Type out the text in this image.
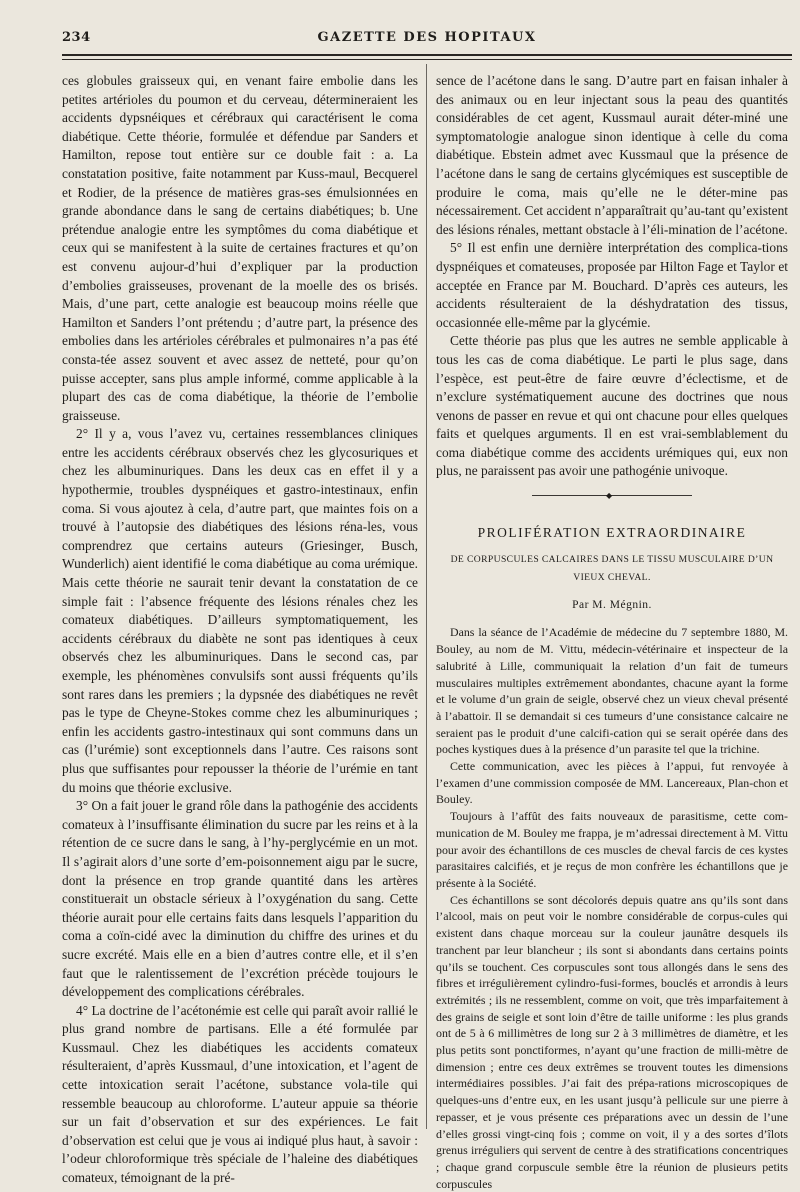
234	GAZETTE DES HOPITAUX

ces globules graisseux qui, en venant faire embolie dans les petites artérioles du poumon et du cerveau, détermineraient les accidents dypsnéiques et cérébraux qui caractérisent le coma diabétique. Cette théorie, formulée et défendue par Sanders et Hamilton, repose tout entière sur ce double fait : a. La constatation positive, faite notamment par Kuss-maul, Becquerel et Rodier, de la présence de matières gras-ses émulsionnées en grande abondance dans le sang de certains diabétiques; b. Une prétendue analogie entre les symptômes du coma diabétique et ceux qui se manifestent à la suite de certaines fractures et qu’on est convenu aujour-d’hui d’expliquer par la production d’embolies graisseuses, provenant de la moelle des os brisés. Mais, d’une part, cette analogie est beaucoup moins réelle que Hamilton et Sanders l’ont prétendu ; d’autre part, la présence des embolies dans les artérioles cérébrales et pulmonaires n’a pas été consta-tée assez souvent et avec assez de netteté, pour qu’on puisse accepter, sans plus ample informé, comme applicable à la plupart des cas de coma diabétique, la théorie de l’embolie graisseuse.

2° Il y a, vous l’avez vu, certaines ressemblances cliniques entre les accidents cérébraux observés chez les glycosuriques et chez les albuminuriques. Dans les deux cas en effet il y a hypothermie, troubles dyspnéiques et gastro-intestinaux, enfin coma. Si vous ajoutez à cela, d’autre part, que maintes fois on a trouvé à l’autopsie des diabétiques des lésions réna-les, vous comprendrez que certains auteurs (Griesinger, Busch, Wunderlich) aient identifié le coma diabétique au coma urémique. Mais cette théorie ne saurait tenir devant la constatation de ce simple fait : l’absence fréquente des lésions rénales chez les comateux diabétiques. D’ailleurs symptomatiquement, les accidents cérébraux du diabète ne sont pas identiques à ceux observés chez les albuminuriques. Dans le second cas, par exemple, les phénomènes convulsifs sont aussi fréquents qu’ils sont rares dans les premiers ; la dypsnée des diabétiques ne revêt pas le type de Cheyne-Stokes comme chez les albuminuriques ; enfin les accidents gastro-intestinaux qui sont communs dans un cas (l’urémie) sont exceptionnels dans l’autre. Ces raisons sont plus que suffisantes pour repousser la théorie de l’urémie en tant du moins que théorie exclusive.

3° On a fait jouer le grand rôle dans la pathogénie des accidents comateux à l’insuffisante élimination du sucre par les reins et à la rétention de ce sucre dans le sang, à l’hy-perglycémie en un mot. Il s’agirait alors d’une sorte d’em-poisonnement aigu par le sucre, dont la présence en trop grande quantité dans les artères constituerait un obstacle sérieux à l’oxygénation du sang. Cette théorie aurait pour elle certains faits dans lesquels l’apparition du coma a coïn-cidé avec la diminution du chiffre des urines et du sucre excrété. Mais elle en a bien d’autres contre elle, et il s’en faut que le ralentissement de l’excrétion précède toujours le développement des complications cérébrales.

4° La doctrine de l’acétonémie est celle qui paraît avoir rallié le plus grand nombre de partisans. Elle a été formulée par Kussmaul. Chez les diabétiques les accidents comateux résulteraient, d’après Kussmaul, d’une intoxication, et l’agent de cette intoxication serait l’acétone, substance vola-tile qui ressemble beaucoup au chloroforme. L’auteur appuie sa théorie sur un fait d’observation et sur des expériences. Le fait d’observation est celui que je vous ai indiqué plus haut, à savoir : l’odeur chloroformique très spéciale de l’haleine des diabétiques comateux, témoignant de la pré-

sence de l’acétone dans le sang. D’autre part en faisan inhaler à des animaux ou en leur injectant sous la peau des quantités considérables de cet agent, Kussmaul aurait déter-miné une symptomatologie analogue sinon identique à celle du coma diabétique. Ebstein admet avec Kussmaul que la présence de l’acétone dans le sang de certains glycémiques est susceptible de produire le coma, mais qu’elle ne le déter-mine pas nécessairement. Cet accident n’apparaîtrait qu’au-tant qu’existent des lésions rénales, mettant obstacle à l’éli-mination de l’acétone.

5° Il est enfin une dernière interprétation des complica-tions dyspnéiques et comateuses, proposée par Hilton Fage et Taylor et acceptée en France par M. Bouchard. D’après ces auteurs, les accidents résulteraient de la déshydratation des tissus, occasionnée elle-même par la glycémie.

Cette théorie pas plus que les autres ne semble applicable à tous les cas de coma diabétique. Le parti le plus sage, dans l’espèce, est peut-être de faire œuvre d’éclectisme, et de n’exclure systématiquement aucune des doctrines que nous venons de passer en revue et qui ont chacune pour elles quelques faits et quelques arguments. Il en est vrai-semblablement du coma diabétique comme des accidents urémiques qui, eux non plus, ne paraissent pas avoir une pathogénie univoque.

◆
PROLIFÉRATION EXTRAORDINAIRE
DE CORPUSCULES CALCAIRES DANS LE TISSU MUSCULAIRE D’UN VIEUX CHEVAL.
Par M. Mégnin.

Dans la séance de l’Académie de médecine du 7 septembre 1880, M. Bouley, au nom de M. Vittu, médecin-vétérinaire et inspecteur de la salubrité à Lille, communiquait la relation d’un fait de tumeurs musculaires multiples extrêmement abondantes, chacune ayant la forme et le volume d’un grain de seigle, observé chez un vieux cheval présenté à l’abattoir. Il se demandait si ces tumeurs d’une consistance calcaire ne seraient pas le produit d’une calcifi-cation qui se serait opérée dans des poches kystiques dues à la présence d’un parasite tel que la trichine.

Cette communication, avec les pièces à l’appui, fut renvoyée à l’examen d’une commission composée de MM. Lancereaux, Plan-chon et Bouley.

Toujours à l’affût des faits nouveaux de parasitisme, cette com-munication de M. Bouley me frappa, je m’adressai directement à M. Vittu pour avoir des échantillons de ces muscles de cheval farcis de ces kystes parasitaires calcifiés, et je reçus de mon confrère les échantillons que je présente à la Société.

Ces échantillons se sont décolorés depuis quatre ans qu’ils sont dans l’alcool, mais on peut voir le nombre considérable de corpus-cules qui existent dans chaque morceau sur la couleur jaunâtre desquels ils tranchent par leur blancheur ; ils sont si abondants dans certains points qu’ils se touchent. Ces corpuscules sont tous allongés dans le sens des fibres et irrégulièrement cylindro-fusi-formes, bouclés et arrondis à leurs extrémités ; ils ne ressemblent, comme on voit, que très imparfaitement à des grains de seigle et sont loin d’être de taille uniforme : les plus grands ont de 5 à 6 millimètres de long sur 2 à 3 millimètres de diamètre, et les plus petits sont ponctiformes, n’ayant qu’une fraction de milli-mètre de dimension ; entre ces deux extrêmes se trouvent toutes les dimensions intermédiaires possibles. J’ai fait des prépa-rations microscopiques de quelques-uns d’entre eux, en les usant jusqu’à pellicule sur une pierre à repasser, et je vous présente ces préparations avec un dessin de l’une d’elles grossi vingt-cinq fois ; comme on voit, il y a des sortes d’îlots grenus irréguliers qui servent de centre à des stratifications concentriques ; chaque grand corpuscule semble être la réunion de plusieurs petits corpuscules
